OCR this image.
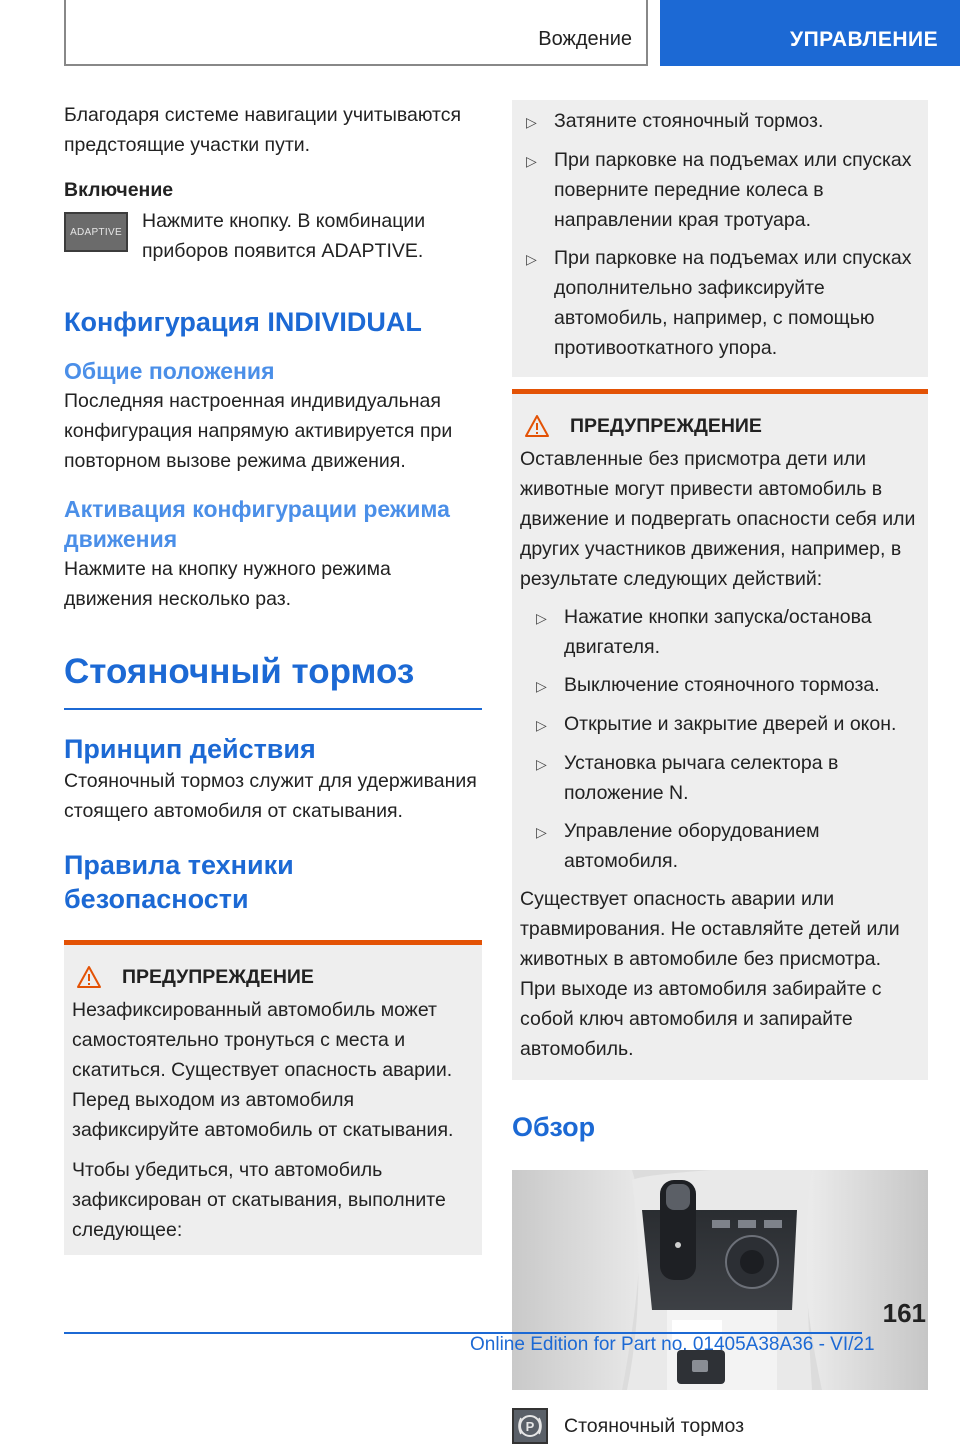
Вождение	УПРАВЛЕНИЕ

Благодаря системе навигации учитываются предстоящие участки пути.

Включение
ADAPTIVE	Нажмите кнопку. В комбинации приборов появится ADAPTIVE.

Конфигурация INDIVIDUAL
Общие положения

Последняя настроенная индивидуальная конфигурация напрямую активируется при повторном вызове режима движения.

Активация конфигурации режима движения

Нажмите на кнопку нужного режима движения несколько раз.

Стояночный тормоз
Принцип действия

Стояночный тормоз служит для удерживания стоящего автомобиля от скатывания.

Правила техники безопасности
ПРЕДУПРЕЖДЕНИЕ

Незафиксированный автомобиль может самостоятельно тронуться с места и скатиться. Существует опасность аварии. Перед выходом из автомобиля зафиксируйте автомобиль от скатывания.

Чтобы убедиться, что автомобиль зафиксирован от скатывания, выполните следующее:

▷ Затяните стояночный тормоз.
▷ При парковке на подъемах или спусках поверните передние колеса в направлении края тротуара.
▷ При парковке на подъемах или спусках дополнительно зафиксируйте автомобиль, например, с помощью противооткатного упора.
ПРЕДУПРЕЖДЕНИЕ

Оставленные без присмотра дети или животные могут привести автомобиль в движение и подвергать опасности себя или других участников движения, например, в результате следующих действий:

▷ Нажатие кнопки запуска/останова двигателя.
▷ Выключение стояночного тормоза.
▷ Открытие и закрытие дверей и окон.
▷ Установка рычага селектора в положение N.
▷ Управление оборудованием автомобиля.

Существует опасность аварии или травмирования. Не оставляйте детей или животных в автомобиле без присмотра. При выходе из автомобиля забирайте с собой ключ автомобиля и запирайте автомобиль.

Обзор
P Стояночный тормоз
161
Online Edition for Part no. 01405A38A36 - VI/21
